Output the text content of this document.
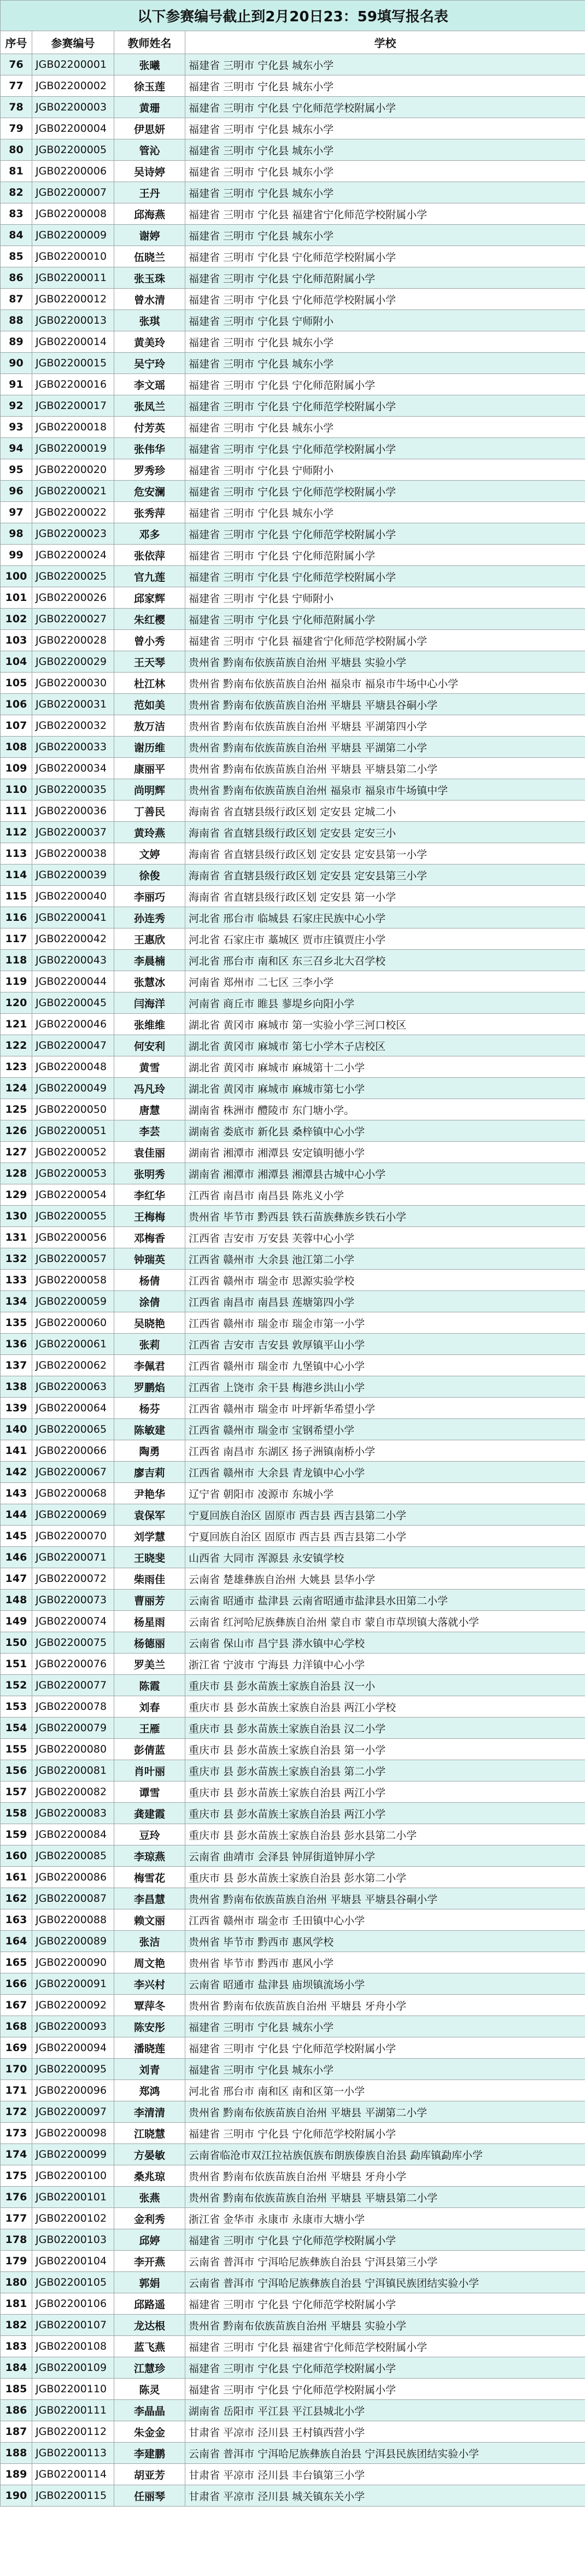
以下参赛编号截止到2月20日23：59填写报名表			
序号	参赛编号	教师姓名	学校
76	JGB02200001	张曦	福建省 三明市 宁化县 城东小学
77	JGB02200002	徐玉莲	福建省 三明市 宁化县 城东小学
78	JGB02200003	黄珊	福建省 三明市 宁化县 宁化师范学校附属小学
79	JGB02200004	伊思妍	福建省 三明市 宁化县 城东小学
80	JGB02200005	管沁	福建省 三明市 宁化县 城东小学
81	JGB02200006	吴诗婷	福建省 三明市 宁化县 城东小学
82	JGB02200007	王丹	福建省 三明市 宁化县 城东小学
83	JGB02200008	邱海燕	福建省 三明市 宁化县 福建省宁化师范学校附属小学
84	JGB02200009	谢婷	福建省 三明市 宁化县 城东小学
85	JGB02200010	伍晓兰	福建省 三明市 宁化县 宁化师范学校附属小学
86	JGB02200011	张玉珠	福建省 三明市 宁化县 宁化师范附属小学
87	JGB02200012	曾水清	福建省 三明市 宁化县 宁化师范学校附属小学
88	JGB02200013	张琪	福建省 三明市 宁化县 宁师附小
89	JGB02200014	黄美玲	福建省 三明市 宁化县 城东小学
90	JGB02200015	吴宁玲	福建省 三明市 宁化县 城东小学
91	JGB02200016	李文瑶	福建省 三明市 宁化县 宁化师范附属小学
92	JGB02200017	张凤兰	福建省 三明市 宁化县 宁化师范学校附属小学
93	JGB02200018	付芳英	福建省 三明市 宁化县 城东小学
94	JGB02200019	张伟华	福建省 三明市 宁化县 宁化师范学校附属小学
95	JGB02200020	罗秀珍	福建省 三明市 宁化县 宁师附小
96	JGB02200021	危安澜	福建省 三明市 宁化县 宁化师范学校附属小学
97	JGB02200022	张秀萍	福建省 三明市 宁化县 城东小学
98	JGB02200023	邓多	福建省 三明市 宁化县 宁化师范学校附属小学
99	JGB02200024	张依萍	福建省 三明市 宁化县 宁化师范附属小学
100	JGB02200025	官九莲	福建省 三明市 宁化县 宁化师范学校附属小学
101	JGB02200026	邱家辉	福建省 三明市 宁化县 宁师附小
102	JGB02200027	朱红樱	福建省 三明市 宁化县 宁化师范附属小学
103	JGB02200028	曾小秀	福建省 三明市 宁化县 福建省宁化师范学校附属小学
104	JGB02200029	王天琴	贵州省 黔南布依族苗族自治州 平塘县 实验小学
105	JGB02200030	杜江林	贵州省 黔南布依族苗族自治州 福泉市 福泉市牛场中心小学
106	JGB02200031	范如美	贵州省 黔南布依族苗族自治州 平塘县 平塘县谷硐小学
107	JGB02200032	敖万洁	贵州省 黔南布依族苗族自治州 平塘县 平湖第四小学
108	JGB02200033	谢历维	贵州省 黔南布依族苗族自治州 平塘县 平湖第二小学
109	JGB02200034	康丽平	贵州省 黔南布依族苗族自治州 平塘县 平塘县第二小学
110	JGB02200035	尚明辉	贵州省 黔南布依族苗族自治州 福泉市 福泉市牛场镇中学
111	JGB02200036	丁善民	海南省 省直辖县级行政区划 定安县 定城二小
112	JGB02200037	黄玲燕	海南省 省直辖县级行政区划 定安县 定安三小
113	JGB02200038	文婷	海南省 省直辖县级行政区划 定安县 定安县第一小学
114	JGB02200039	徐俊	海南省 省直辖县级行政区划 定安县 定安县第三小学
115	JGB02200040	李丽巧	海南省 省直辖县级行政区划 定安县 第一小学
116	JGB02200041	孙连秀	河北省 邢台市 临城县 石家庄民族中心小学
117	JGB02200042	王惠欣	河北省 石家庄市 藁城区 贾市庄镇贾庄小学
118	JGB02200043	李晨楠	河北省 邢台市 南和区 东三召乡北大召学校
119	JGB02200044	张慧冰	河南省 郑州市 二七区 三李小学
120	JGB02200045	闫海洋	河南省 商丘市 睢县 蓼堤乡向阳小学
121	JGB02200046	张维维	湖北省 黄冈市 麻城市 第一实验小学三河口校区
122	JGB02200047	何安利	湖北省 黄冈市 麻城市 第七小学木子店校区
123	JGB02200048	黄雪	湖北省 黄冈市 麻城市 麻城第十二小学
124	JGB02200049	冯凡玲	湖北省 黄冈市 麻城市 麻城市第七小学
125	JGB02200050	唐慧	湖南省 株洲市 醴陵市 东门塘小学。
126	JGB02200051	李芸	湖南省 娄底市 新化县 桑梓镇中心小学
127	JGB02200052	袁佳丽	湖南省 湘潭市 湘潭县 安定镇明德小学
128	JGB02200053	张明秀	湖南省 湘潭市 湘潭县 湘潭县古城中心小学
129	JGB02200054	李红华	江西省 南昌市 南昌县 陈兆义小学
130	JGB02200055	王梅梅	贵州省 毕节市 黔西县 铁石苗族彝族乡铁石小学
131	JGB02200056	邓梅香	江西省 吉安市 万安县 芙蓉中心小学
132	JGB02200057	钟瑞英	江西省 赣州市 大余县 池江第二小学
133	JGB02200058	杨倩	江西省 赣州市 瑞金市 思源实验学校
134	JGB02200059	涂倩	江西省 南昌市 南昌县 莲塘第四小学
135	JGB02200060	吴晓艳	江西省 赣州市 瑞金市 瑞金市第一小学
136	JGB02200061	张莉	江西省 吉安市 吉安县 敦厚镇平山小学
137	JGB02200062	李佩君	江西省 赣州市 瑞金市 九堡镇中心小学
138	JGB02200063	罗鹏焰	江西省 上饶市 余干县 梅港乡洪山小学
139	JGB02200064	杨芬	江西省 赣州市 瑞金市 叶坪新华希望小学
140	JGB02200065	陈敏建	江西省 赣州市 瑞金市 宝钢希望小学
141	JGB02200066	陶勇	江西省 南昌市 东湖区 扬子洲镇南桥小学
142	JGB02200067	廖吉莉	江西省 赣州市 大余县 青龙镇中心小学
143	JGB02200068	尹艳华	辽宁省 朝阳市 凌源市 东城小学
144	JGB02200069	袁保军	宁夏回族自治区 固原市 西吉县 西吉县第二小学
145	JGB02200070	刘学慧	宁夏回族自治区 固原市 西吉县 西吉县第二小学
146	JGB02200071	王晓斐	山西省 大同市 浑源县 永安镇学校
147	JGB02200072	柴雨佳	云南省 楚雄彝族自治州 大姚县 昙华小学
148	JGB02200073	曹丽芳	云南省 昭通市 盐津县 云南省昭通市盐津县水田第二小学
149	JGB02200074	杨星雨	云南省 红河哈尼族彝族自治州 蒙自市 蒙自市草坝镇大落就小学
150	JGB02200075	杨德丽	云南省 保山市 昌宁县 漭水镇中心学校
151	JGB02200076	罗美兰	浙江省 宁波市 宁海县 力洋镇中心小学
152	JGB02200077	陈霞	重庆市 县 彭水苗族土家族自治县 汉一小
153	JGB02200078	刘春	重庆市 县 彭水苗族土家族自治县 两江小学校
154	JGB02200079	王雁	重庆市 县 彭水苗族土家族自治县 汉二小学
155	JGB02200080	彭倩蓝	重庆市 县 彭水苗族土家族自治县 第一小学
156	JGB02200081	肖叶丽	重庆市 县 彭水苗族土家族自治县 第二小学
157	JGB02200082	谭雪	重庆市 县 彭水苗族土家族自治县 两江小学
158	JGB02200083	龚建霞	重庆市 县 彭水苗族土家族自治县 两江小学
159	JGB02200084	豆玲	重庆市 县 彭水苗族土家族自治县 彭水县第二小学
160	JGB02200085	李琼燕	云南省 曲靖市 会泽县 钟屏街道钟屏小学
161	JGB02200086	梅雪花	重庆市 县 彭水苗族土家族自治县 彭水第二小学
162	JGB02200087	李昌慧	贵州省 黔南布依族苗族自治州 平塘县 平塘县谷硐小学
163	JGB02200088	赖文丽	江西省 赣州市 瑞金市 壬田镇中心小学
164	JGB02200089	张洁	贵州省 毕节市 黔西市 惠风学校
165	JGB02200090	周文艳	贵州省 毕节市 黔西市 惠风小学
166	JGB02200091	李兴村	云南省 昭通市 盐津县 庙坝镇流场小学
167	JGB02200092	覃萍冬	贵州省 黔南布依族苗族自治州 平塘县 牙舟小学
168	JGB02200093	陈安彤	福建省 三明市 宁化县 城东小学
169	JGB02200094	潘晓莲	福建省 三明市 宁化县 宁化师范学校附属小学
170	JGB02200095	刘青	福建省 三明市 宁化县 城东小学
171	JGB02200096	郑鸿	河北省 邢台市 南和区 南和区第一小学
172	JGB02200097	李清清	贵州省 黔南布依族苗族自治州 平塘县 平湖第二小学
173	JGB02200098	江晓慧	福建省 三明市 宁化县 宁化师范学校附属小学
174	JGB02200099	方晏敏	云南省临沧市双江拉祜族佤族布朗族傣族自治县 勐库镇勐库小学
175	JGB02200100	桑兆琼	贵州省 黔南布依族苗族自治州 平塘县 牙舟小学
176	JGB02200101	张燕	贵州省 黔南布依族苗族自治州 平塘县 平塘县第二小学
177	JGB02200102	金利秀	浙江省 金华市 永康市 永康市大塘小学
178	JGB02200103	邱婷	福建省 三明市 宁化县 宁化师范学校附属小学
179	JGB02200104	李开燕	云南省 普洱市 宁洱哈尼族彝族自治县 宁洱县第三小学
180	JGB02200105	郭娟	云南省 普洱市 宁洱哈尼族彝族自治县 宁洱镇民族团结实验小学
181	JGB02200106	邱路遥	福建省 三明市 宁化县 宁化师范学校附属小学
182	JGB02200107	龙达根	贵州省 黔南布依族苗族自治州 平塘县 实验小学
183	JGB02200108	蓝飞燕	福建省 三明市 宁化县 福建省宁化师范学校附属小学
184	JGB02200109	江慧珍	福建省 三明市 宁化县 宁化师范学校附属小学
185	JGB02200110	陈灵	福建省 三明市 宁化县 宁化师范学校附属小学
186	JGB02200111	李晶晶	湖南省 岳阳市 平江县 平江县城北小学
187	JGB02200112	朱金金	甘肃省 平凉市 泾川县 王村镇西营小学
188	JGB02200113	李建鹏	云南省 普洱市 宁洱哈尼族彝族自治县 宁洱县民族团结实验小学
189	JGB02200114	胡亚芳	甘肃省 平凉市 泾川县 丰台镇第三小学
190	JGB02200115	任丽琴	甘肃省 平凉市 泾川县 城关镇东关小学
